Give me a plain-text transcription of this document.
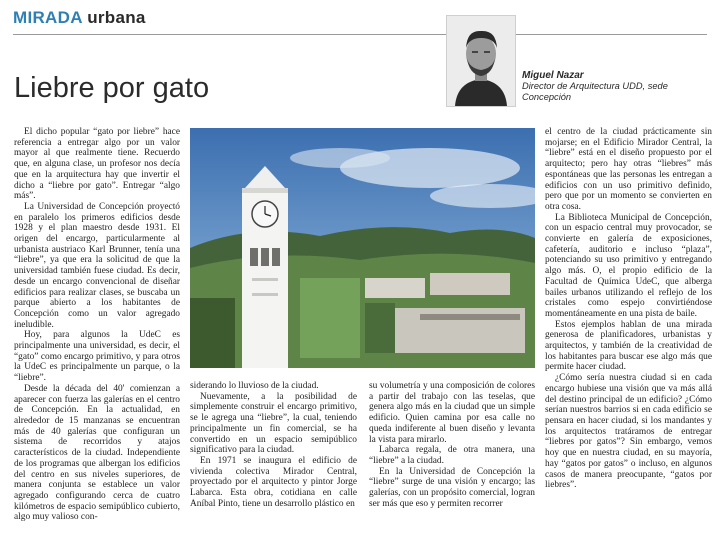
MIRADA urbana
Liebre por gato	Miguel Nazar
Director de Arquitectura UDD, sede Concepción

El dicho popular “gato por liebre” hace referencia a entregar algo por un valor mayor al que realmente tiene. Recuerdo que, en alguna clase, un profesor nos decía que en la arquitectura hay que invertir el dicho a “liebre por gato”. Entregar “algo más”.

La Universidad de Concepción proyectó en paralelo los primeros edificios desde 1928 y el plan maestro desde 1931. El origen del encargo, particularmente al urbanista austriaco Karl Brunner, tenía una “liebre”, ya que era la solicitud de que la universidad también fuese ciudad. Es decir, desde un encargo convencional de diseñar edificios para realizar clases, se buscaba un parque abierto a los habitantes de Concepción como un valor agregado ineludible.

Hoy, para algunos la UdeC es principalmente una universidad, es decir, el “gato” como encargo primitivo, y para otros la UdeC es principalmente un parque, o la “liebre”.

Desde la década del 40' comienzan a aparecer con fuerza las galerías en el centro de Concepción. En la actualidad, en alrededor de 15 manzanas se encuentran más de 40 galerías que configuran un sistema de recorridos y atajos característicos de la ciudad. Independiente de los programas que albergan los edificios del centro en sus niveles superiores, de manera conjunta se establece un valor agregado configurando cerca de cuatro kilómetros de espacio semipúblico cubierto, algo muy valioso con-

siderando lo lluvioso de la ciudad.

Nuevamente, a la posibilidad de simplemente construir el encargo primitivo, se le agrega una “liebre”, la cual, teniendo principalmente un fin comercial, se ha convertido en un espacio semipúblico significativo para la ciudad.

En 1971 se inaugura el edificio de vivienda colectiva Mirador Central, proyectado por el arquitecto y pintor Jorge Labarca. Esta obra, cotidiana en calle Aníbal Pinto, tiene un desarrollo plástico en

su volumetría y una composición de colores a partir del trabajo con las teselas, que genera algo más en la ciudad que un simple edificio. Quien camina por esa calle no queda indiferente al buen diseño y levanta la vista para mirarlo.

Labarca regala, de otra manera, una “liebre” a la ciudad.

En la Universidad de Concepción la “liebre” surge de una visión y encargo; las galerías, con un propósito comercial, logran ser más que eso y permiten recorrer

el centro de la ciudad prácticamente sin mojarse; en el Edificio Mirador Central, la “liebre” está en el diseño propuesto por el arquitecto; pero hay otras “liebres” más espontáneas que las personas les entregan a edificios con un uso primitivo definido, pero que por un momento se convierten en otra cosa.

La Biblioteca Municipal de Concepción, con un espacio central muy provocador, se convierte en galería de exposiciones, cafetería, auditorio e incluso “plaza”, potenciando su uso primitivo y entregando algo más. O, el propio edificio de la Facultad de Química UdeC, que alberga bailes urbanos utilizando el reflejo de los cristales como espejo convirtiéndose momentáneamente en una pista de baile.

Estos ejemplos hablan de una mirada generosa de planificadores, urbanistas y arquitectos, y también de la creatividad de los habitantes para buscar ese algo más que permite hacer ciudad.

¿Cómo sería nuestra ciudad si en cada encargo hubiese una visión que va más allá del destino principal de un edificio? ¿Cómo serían nuestros barrios si en cada edificio se pensara en hacer ciudad, si los mandantes y los arquitectos tratáramos de entregar “liebres por gatos”? Sin embargo, vemos hoy que en nuestra ciudad, en su mayoría, hay “gatos por gatos” o incluso, en algunos casos de manera preocupante, “gatos por liebres”.
